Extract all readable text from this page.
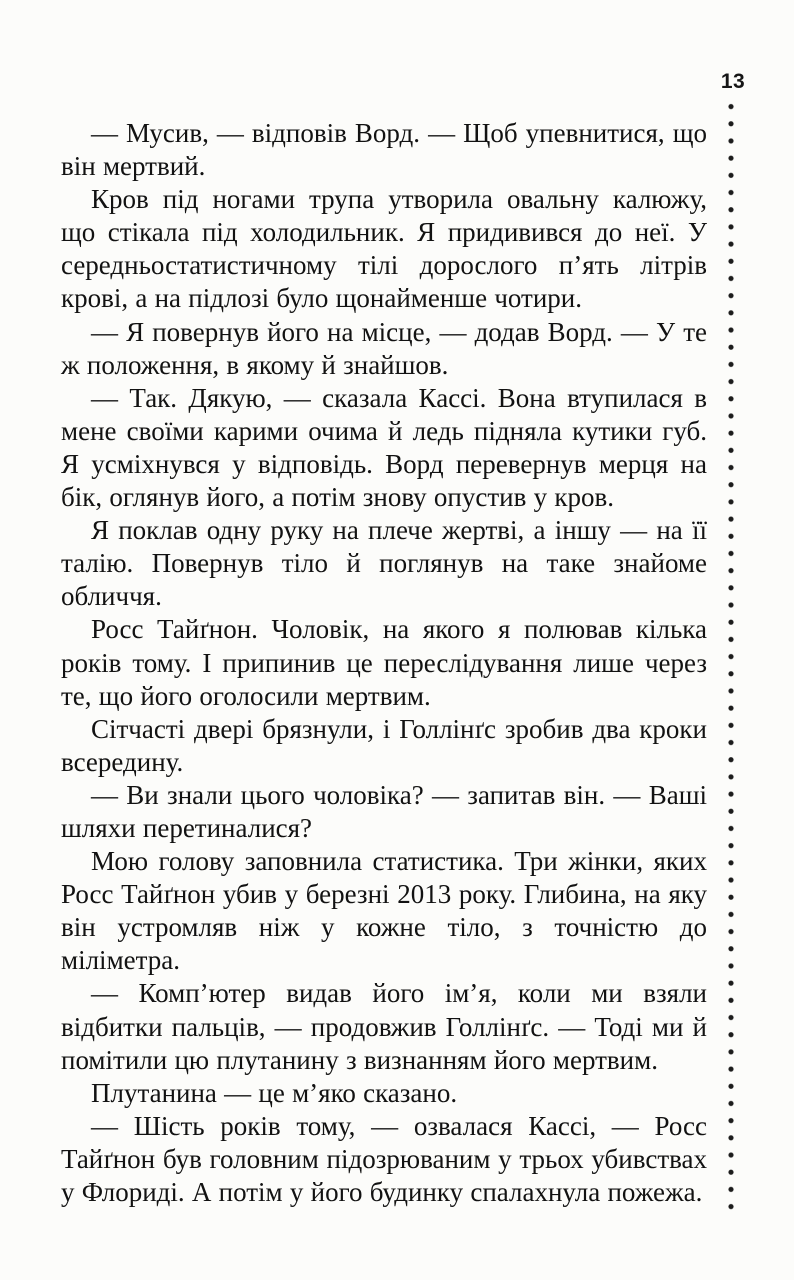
13

— Мусив, — відповів Ворд. — Щоб упевнитися, що він мертвий.

Кров під ногами трупа утворила овальну калюжу, що стікала під холодильник. Я придивився до неї. У середньостатистичному тілі дорослого п’ять літрів крові, а на підлозі було щонайменше чотири.

— Я повернув його на місце, — додав Ворд. — У те ж положення, в якому й знайшов.

— Так. Дякую, — сказала Кассі. Вона втупилася в мене своїми карими очима й ледь підняла кутики губ. Я усміхнувся у відповідь. Ворд перевернув мерця на бік, оглянув його, а потім знову опустив у кров.

Я поклав одну руку на плече жертві, а іншу — на її талію. Повернув тіло й поглянув на таке знайоме обличчя.

Росс Тайґнон. Чоловік, на якого я полював кілька років тому. І припинив це переслідування лише через те, що його оголосили мертвим.

Сітчасті двері брязнули, і Голлінґс зробив два кроки всередину.

— Ви знали цього чоловіка? — запитав він. — Ваші шляхи перетиналися?

Мою голову заповнила статистика. Три жінки, яких Росс Тайґнон убив у березні 2013 року. Глибина, на яку він устромляв ніж у кожне тіло, з точністю до міліметра.

— Комп’ютер видав його ім’я, коли ми взяли відбитки пальців, — продовжив Голлінґс. — Тоді ми й помітили цю плутанину з визнанням його мертвим.

Плутанина — це м’яко сказано.

— Шість років тому, — озвалася Кассі, — Росс Тайґнон був головним підозрюваним у трьох убивствах у Флориді. А потім у його будинку спалахнула пожежа.
